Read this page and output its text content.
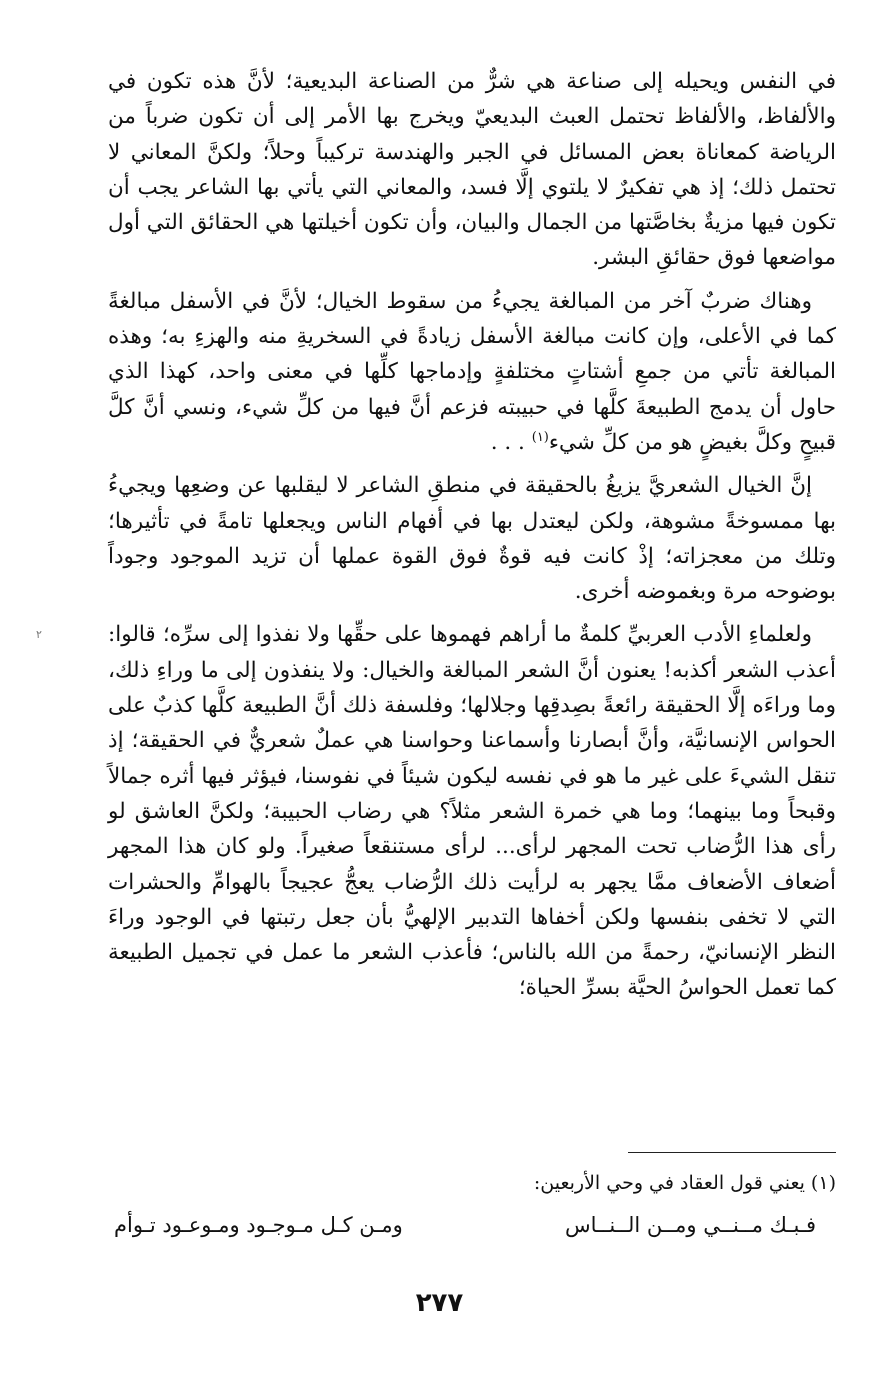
في النفس ويحيله إلى صناعة هي شرٌّ من الصناعة البديعية؛ لأنَّ هذه تكون في والألفاظ، والألفاظ تحتمل العبث البديعيّ ويخرج بها الأمر إلى أن تكون ضرباً من الرياضة كمعاناة بعض المسائل في الجبر والهندسة تركيباً وحلاً؛ ولكنَّ المعاني لا تحتمل ذلك؛ إذ هي تفكيرٌ لا يلتوي إلَّا فسد، والمعاني التي يأتي بها الشاعر يجب أن تكون فيها مزيةٌ بخاصَّتها من الجمال والبيان، وأن تكون أخيلتها هي الحقائق التي أول مواضعها فوق حقائقِ البشر.

وهناك ضربٌ آخر من المبالغة يجيءُ من سقوط الخيال؛ لأنَّ في الأسفل مبالغةً كما في الأعلى، وإن كانت مبالغة الأسفل زيادةً في السخريةِ منه والهزءِ به؛ وهذه المبالغة تأتي من جمعِ أشتاتٍ مختلفةٍ وإدماجها كلِّها في معنى واحد، كهذا الذي حاول أن يدمج الطبيعةَ كلَّها في حبيبته فزعم أنَّ فيها من كلِّ شيء، ونسي أنَّ كلَّ قبيحٍ وكلَّ بغيضٍ هو من كلِّ شيء$^{(١)}$ . . .

إنَّ الخيال الشعريَّ يزيغُ بالحقيقة في منطقِ الشاعر لا ليقلبها عن وضعِها ويجيءُ بها ممسوخةً مشوهة، ولكن ليعتدل بها في أفهام الناس ويجعلها تامةً في تأثيرها؛ وتلك من معجزاته؛ إذْ كانت فيه قوةٌ فوق القوة عملها أن تزيد الموجود وجوداً بوضوحه مرة وبغموضه أخرى.

ولعلماءِ الأدب العربيِّ كلمةٌ ما أراهم فهموها على حقِّها ولا نفذوا إلى سرِّه؛ قالوا: أعذب الشعر أكذبه! يعنون أنَّ الشعر المبالغة والخيال: ولا ينفذون إلى ما وراءِ ذلك، وما وراءَه إلَّا الحقيقة رائعةً بصِدقِها وجلالها؛ وفلسفة ذلك أنَّ الطبيعة كلَّها كذبٌ على الحواس الإنسانيَّة، وأنَّ أبصارنا وأسماعنا وحواسنا هي عملٌ شعريٌّ في الحقيقة؛ إذ تنقل الشيءَ على غير ما هو في نفسه ليكون شيئاً في نفوسنا، فيؤثر فيها أثره جمالاً وقبحاً وما بينهما؛ وما هي خمرة الشعر مثلاً؟ هي رضاب الحبيبة؛ ولكنَّ العاشق لو رأى هذا الرُّضاب تحت المجهر لرأى... لرأى مستنقعاً صغيراً. ولو كان هذا المجهر أضعاف الأضعاف ممَّا يجهر به لرأيت ذلك الرُّضاب يعجُّ عجيجاً بالهوامِّ والحشرات التي لا تخفى بنفسها ولكن أخفاها التدبير الإلهيُّ بأن جعل رتبتها في الوجود وراءَ النظر الإنسانيّ، رحمةً من الله بالناس؛ فأعذب الشعر ما عمل في تجميل الطبيعة كما تعمل الحواسُ الحيَّة بسرِّ الحياة؛

٢
(١) يعني قول العقاد في وحي الأربعين:
فـبـك مــنــي ومــن الــنــاس
ومـن كـل مـوجـود ومـوعـود تـوأم
٢٧٧
